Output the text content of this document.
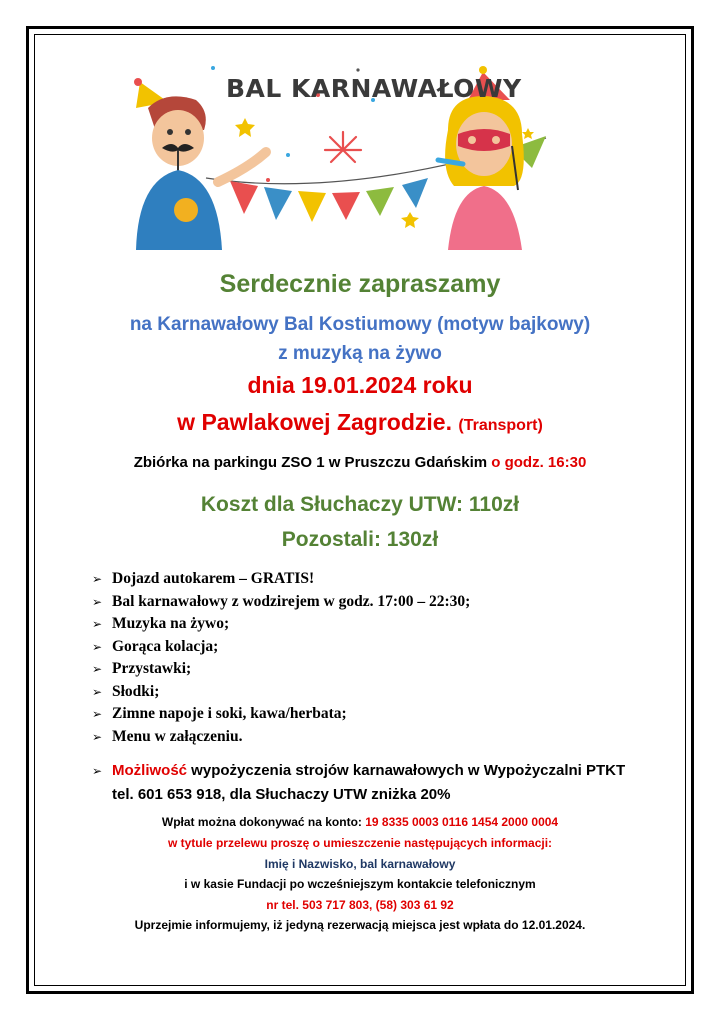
BAL KARNAWAŁOWY
Serdecznie zapraszamy
na Karnawałowy Bal Kostiumowy (motyw bajkowy)
z muzyką na żywo
dnia 19.01.2024 roku
w Pawlakowej Zagrodzie. (Transport)
Zbiórka na parkingu ZSO 1 w Pruszczu Gdańskim o godz. 16:30
Koszt dla Słuchaczy UTW: 110zł
Pozostali: 130zł
➢ Dojazd autokarem – GRATIS!
➢ Bal karnawałowy z wodzirejem w godz. 17:00 – 22:30;
➢ Muzyka na żywo;
➢ Gorąca kolacja;
➢ Przystawki;
➢ Słodki;
➢ Zimne napoje i soki, kawa/herbata;
➢ Menu w załączeniu.
➢ Możliwość wypożyczenia strojów karnawałowych w Wypożyczalni PTKT
tel. 601 653 918, dla Słuchaczy UTW zniżka 20%
Wpłat można dokonywać na konto: 19 8335 0003 0116 1454 2000 0004
w tytule przelewu proszę o umieszczenie następujących informacji:
Imię i Nazwisko, bal karnawałowy
i w kasie Fundacji po wcześniejszym kontakcie telefonicznym
nr tel. 503 717 803, (58) 303 61 92
Uprzejmie informujemy, iż jedyną rezerwacją miejsca jest wpłata do 12.01.2024.
